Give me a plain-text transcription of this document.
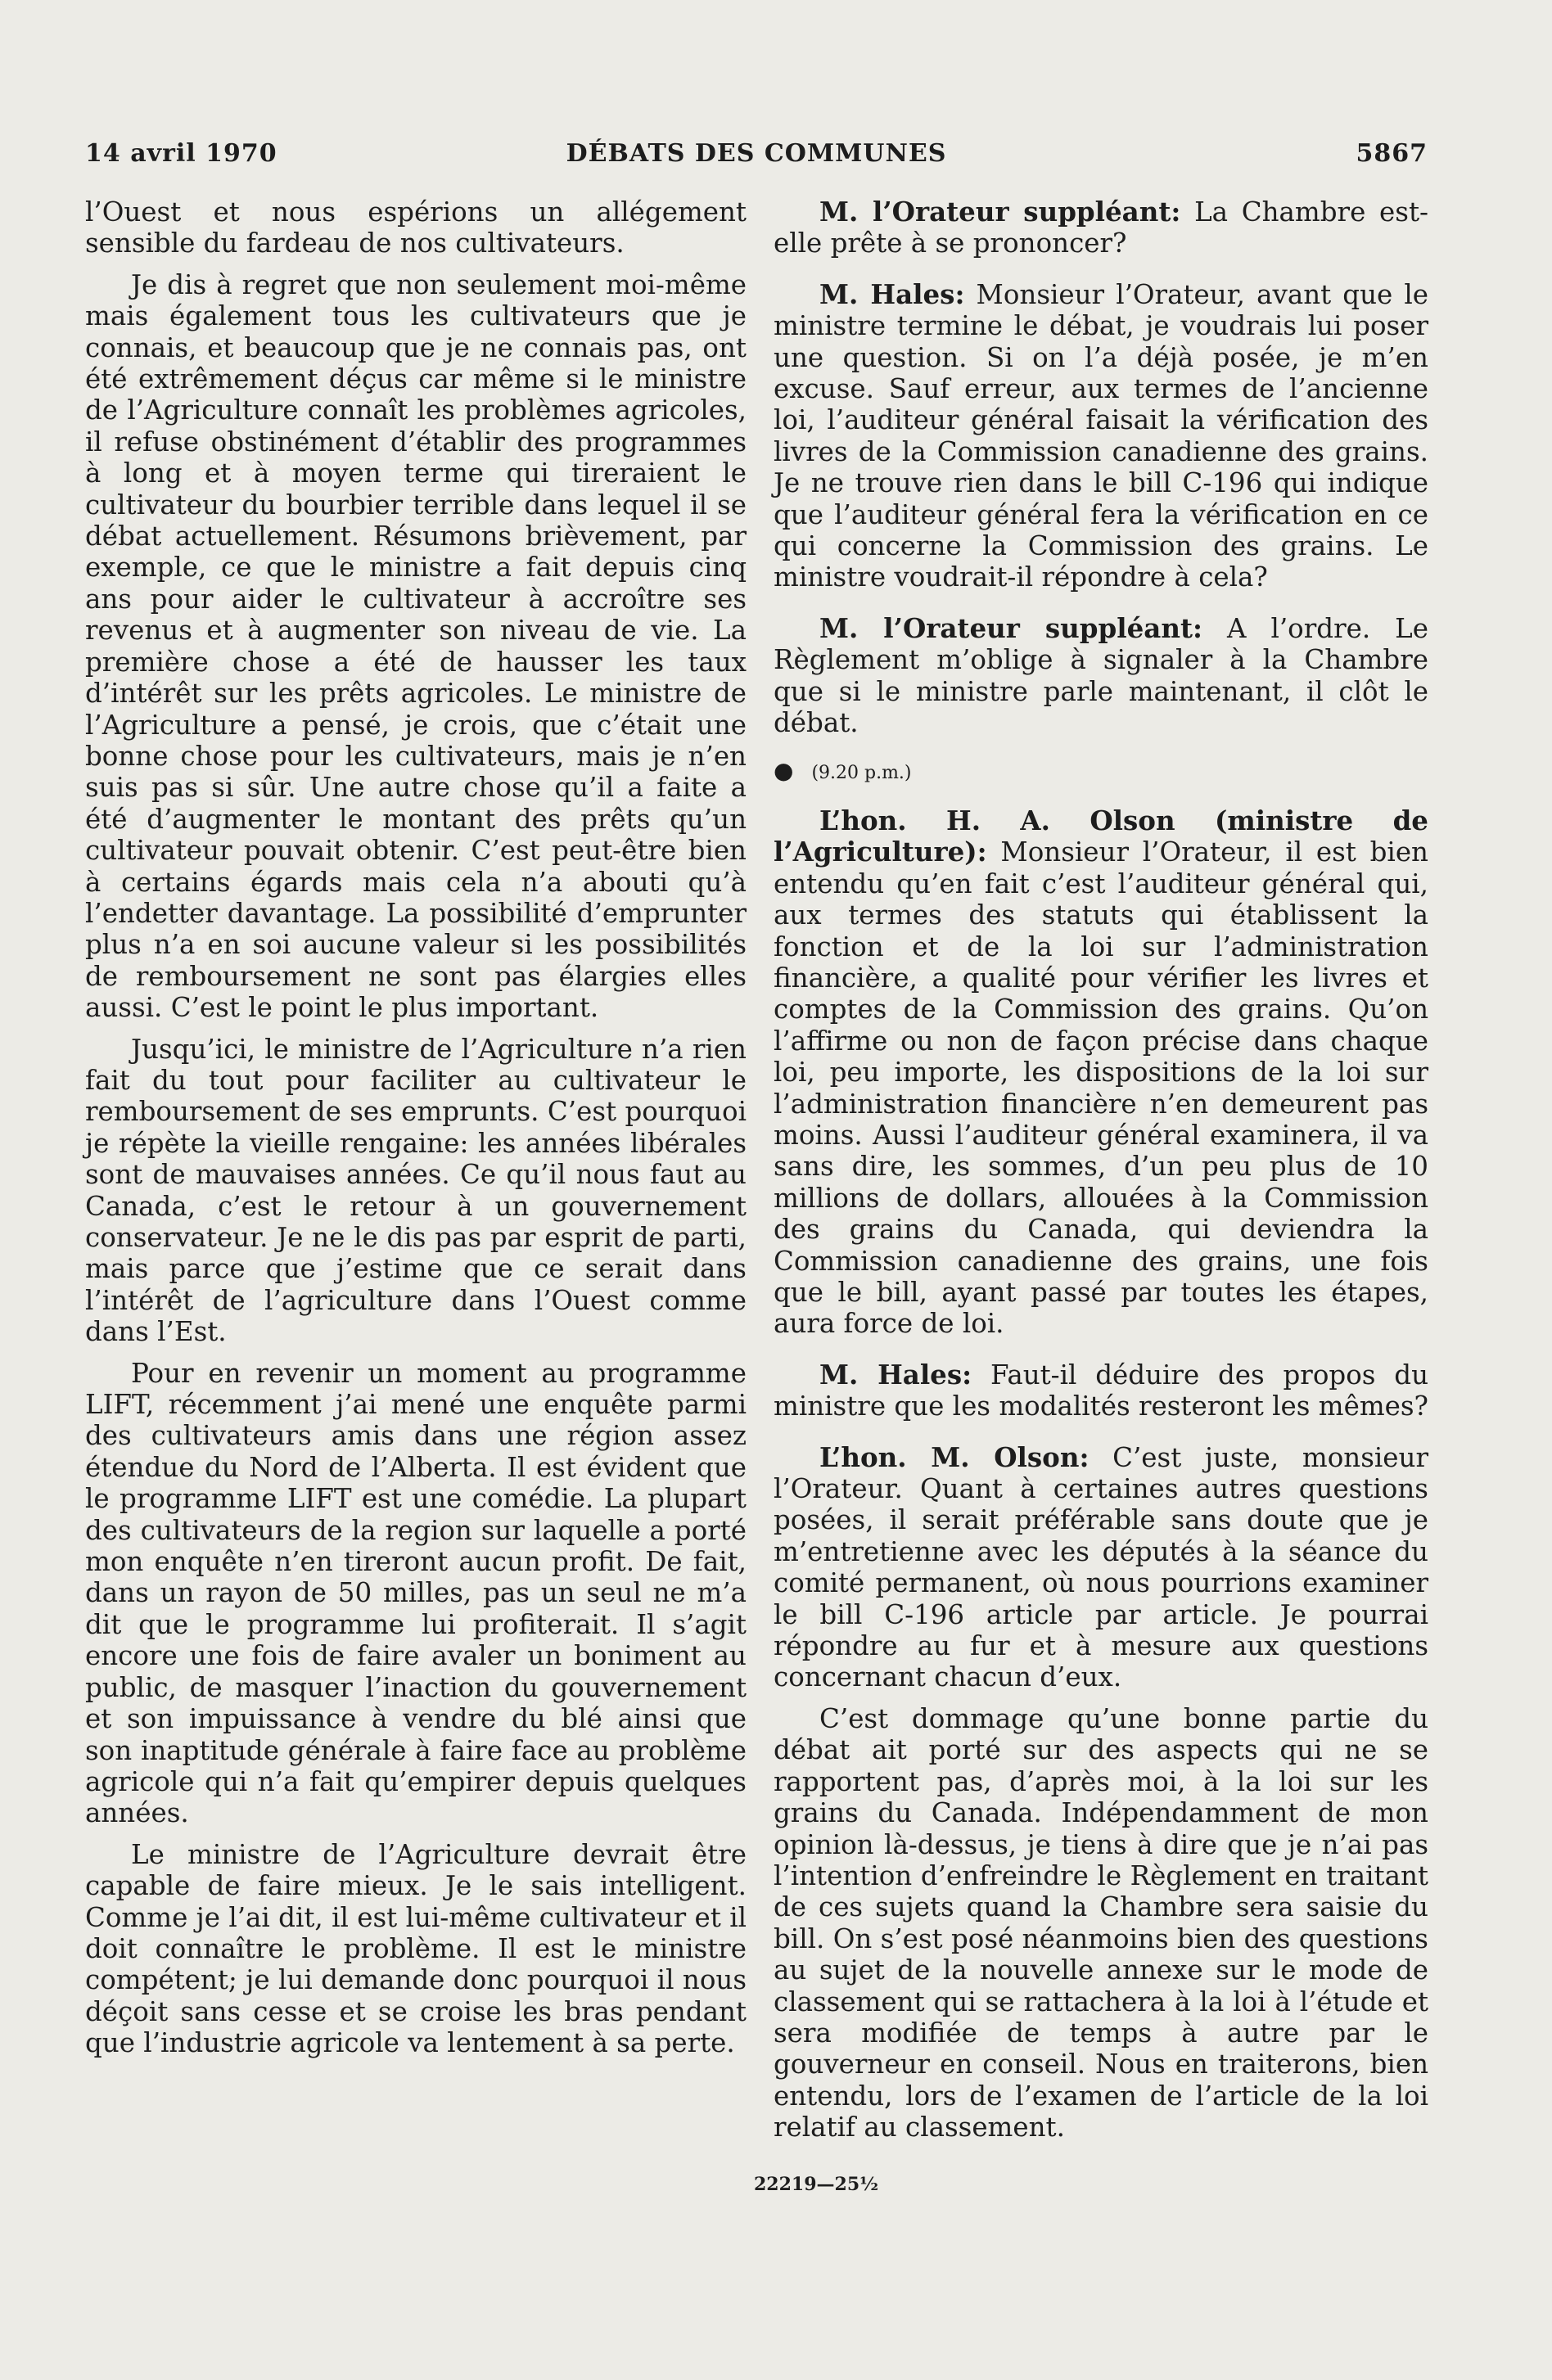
14 avril 1970	DÉBATS DES COMMUNES	5867

l’Ouest et nous espérions un allégement sensible du fardeau de nos cultivateurs.

Je dis à regret que non seulement moi-même mais également tous les cultivateurs que je connais, et beaucoup que je ne connais pas, ont été extrêmement déçus car même si le ministre de l’Agriculture connaît les problèmes agricoles, il refuse obstinément d’établir des programmes à long et à moyen terme qui tireraient le cultivateur du bourbier terrible dans lequel il se débat actuellement. Résumons brièvement, par exemple, ce que le ministre a fait depuis cinq ans pour aider le cultivateur à accroître ses revenus et à augmenter son niveau de vie. La première chose a été de hausser les taux d’intérêt sur les prêts agricoles. Le ministre de l’Agriculture a pensé, je crois, que c’était une bonne chose pour les cultivateurs, mais je n’en suis pas si sûr. Une autre chose qu’il a faite a été d’augmenter le montant des prêts qu’un cultivateur pouvait obtenir. C’est peut-être bien à certains égards mais cela n’a abouti qu’à l’endetter davantage. La possibilité d’emprunter plus n’a en soi aucune valeur si les possibilités de remboursement ne sont pas élargies elles aussi. C’est le point le plus important.

Jusqu’ici, le ministre de l’Agriculture n’a rien fait du tout pour faciliter au cultivateur le remboursement de ses emprunts. C’est pourquoi je répète la vieille rengaine: les années libérales sont de mauvaises années. Ce qu’il nous faut au Canada, c’est le retour à un gouvernement conservateur. Je ne le dis pas par esprit de parti, mais parce que j’estime que ce serait dans l’intérêt de l’agriculture dans l’Ouest comme dans l’Est.

Pour en revenir un moment au programme LIFT, récemment j’ai mené une enquête parmi des cultivateurs amis dans une région assez étendue du Nord de l’Alberta. Il est évident que le programme LIFT est une comédie. La plupart des cultivateurs de la region sur laquelle a porté mon enquête n’en tireront aucun profit. De fait, dans un rayon de 50 milles, pas un seul ne m’a dit que le programme lui profiterait. Il s’agit encore une fois de faire avaler un boniment au public, de masquer l’inaction du gouvernement et son impuissance à vendre du blé ainsi que son inaptitude générale à faire face au problème agricole qui n’a fait qu’empirer depuis quelques années.

Le ministre de l’Agriculture devrait être capable de faire mieux. Je le sais intelligent. Comme je l’ai dit, il est lui-même cultivateur et il doit connaître le problème. Il est le ministre compétent; je lui demande donc pourquoi il nous déçoit sans cesse et se croise les bras pendant que l’industrie agricole va lentement à sa perte.

M. l’Orateur suppléant: La Chambre est-elle prête à se prononcer?

M. Hales: Monsieur l’Orateur, avant que le ministre termine le débat, je voudrais lui poser une question. Si on l’a déjà posée, je m’en excuse. Sauf erreur, aux termes de l’ancienne loi, l’auditeur général faisait la vérification des livres de la Commission canadienne des grains. Je ne trouve rien dans le bill C-196 qui indique que l’auditeur général fera la vérification en ce qui concerne la Commission des grains. Le ministre voudrait-il répondre à cela?

M. l’Orateur suppléant: A l’ordre. Le Règlement m’oblige à signaler à la Chambre que si le ministre parle maintenant, il clôt le débat.

● (9.20 p.m.)

L’hon. H. A. Olson (ministre de l’Agriculture): Monsieur l’Orateur, il est bien entendu qu’en fait c’est l’auditeur général qui, aux termes des statuts qui établissent la fonction et de la loi sur l’administration financière, a qualité pour vérifier les livres et comptes de la Commission des grains. Qu’on l’affirme ou non de façon précise dans chaque loi, peu importe, les dispositions de la loi sur l’administration financière n’en demeurent pas moins. Aussi l’auditeur général examinera, il va sans dire, les sommes, d’un peu plus de 10 millions de dollars, allouées à la Commission des grains du Canada, qui deviendra la Commission canadienne des grains, une fois que le bill, ayant passé par toutes les étapes, aura force de loi.

M. Hales: Faut-il déduire des propos du ministre que les modalités resteront les mêmes?

L’hon. M. Olson: C’est juste, monsieur l’Orateur. Quant à certaines autres questions posées, il serait préférable sans doute que je m’entretienne avec les députés à la séance du comité permanent, où nous pourrions examiner le bill C-196 article par article. Je pourrai répondre au fur et à mesure aux questions concernant chacun d’eux.

C’est dommage qu’une bonne partie du débat ait porté sur des aspects qui ne se rapportent pas, d’après moi, à la loi sur les grains du Canada. Indépendamment de mon opinion là-dessus, je tiens à dire que je n’ai pas l’intention d’enfreindre le Règlement en traitant de ces sujets quand la Chambre sera saisie du bill. On s’est posé néanmoins bien des questions au sujet de la nouvelle annexe sur le mode de classement qui se rattachera à la loi à l’étude et sera modifiée de temps à autre par le gouverneur en conseil. Nous en traiterons, bien entendu, lors de l’examen de l’article de la loi relatif au classement.

22219—25½
